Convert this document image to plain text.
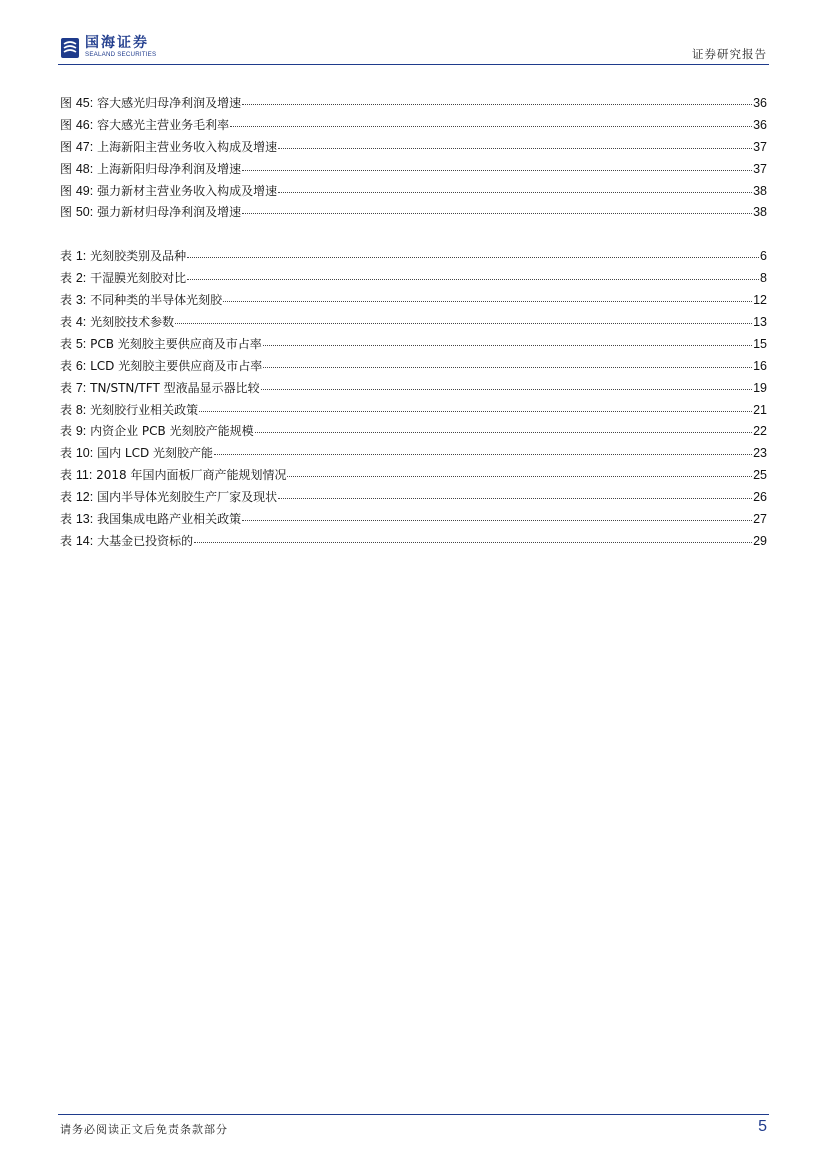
国海证券
SEALAND SECURITIES	证券研究报告
图 45: 容大感光归母净利润及增速	36
图 46: 容大感光主营业务毛利率	36
图 47: 上海新阳主营业务收入构成及增速	37
图 48: 上海新阳归母净利润及增速	37
图 49: 强力新材主营业务收入构成及增速	38
图 50: 强力新材归母净利润及增速	38
表 1: 光刻胶类别及品种	6
表 2: 干湿膜光刻胶对比	8
表 3: 不同种类的半导体光刻胶	12
表 4: 光刻胶技术参数	13
表 5: PCB 光刻胶主要供应商及市占率	15
表 6: LCD 光刻胶主要供应商及市占率	16
表 7: TN/STN/TFT 型液晶显示器比较	19
表 8: 光刻胶行业相关政策	21
表 9: 内资企业 PCB 光刻胶产能规模	22
表 10: 国内 LCD 光刻胶产能	23
表 11: 2018 年国内面板厂商产能规划情况	25
表 12: 国内半导体光刻胶生产厂家及现状	26
表 13: 我国集成电路产业相关政策	27
表 14: 大基金已投资标的	29
请务必阅读正文后免责条款部分	5
